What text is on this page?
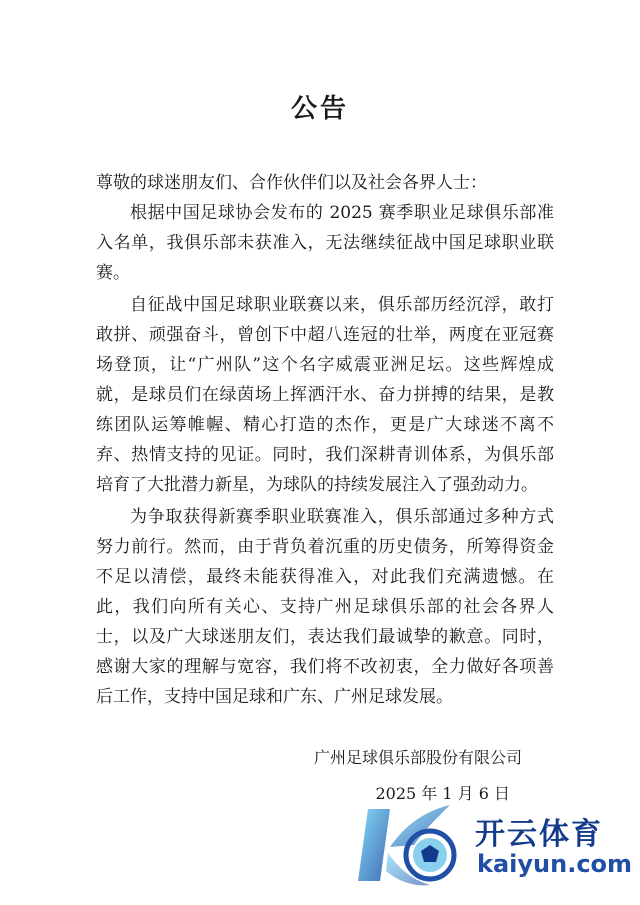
公告

尊敬的球迷朋友们、合作伙伴们以及社会各界人士：

根据中国足球协会发布的 2025 赛季职业足球俱乐部准入名单，我俱乐部未获准入，无法继续征战中国足球职业联赛。

自征战中国足球职业联赛以来，俱乐部历经沉浮，敢打敢拼、顽强奋斗，曾创下中超八连冠的壮举，两度在亚冠赛场登顶，让“广州队”这个名字威震亚洲足坛。这些辉煌成就，是球员们在绿茵场上挥洒汗水、奋力拼搏的结果，是教练团队运筹帷幄、精心打造的杰作，更是广大球迷不离不弃、热情支持的见证。同时，我们深耕青训体系，为俱乐部培育了大批潜力新星，为球队的持续发展注入了强劲动力。

为争取获得新赛季职业联赛准入，俱乐部通过多种方式努力前行。然而，由于背负着沉重的历史债务，所筹得资金不足以清偿，最终未能获得准入，对此我们充满遗憾。在此，我们向所有关心、支持广州足球俱乐部的社会各界人士，以及广大球迷朋友们，表达我们最诚挚的歉意。同时，感谢大家的理解与宽容，我们将不改初衷，全力做好各项善后工作，支持中国足球和广东、广州足球发展。

广州足球俱乐部股份有限公司
2025 年 1 月 6 日
开云体育
kaiyun.com
